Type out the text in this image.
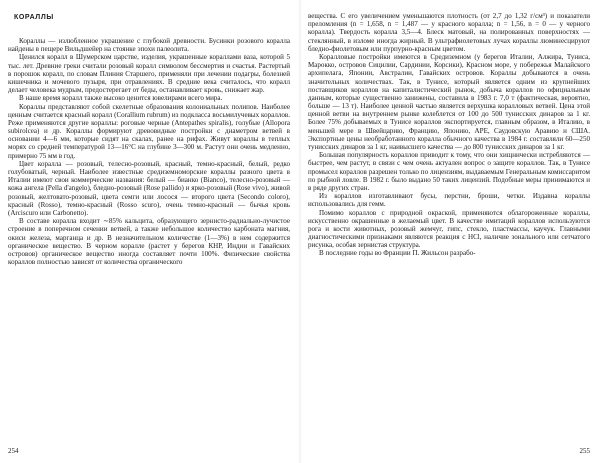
КОРАЛЛЫ

Кораллы — излюбленное украшение с глубокой древности. Бусинки розового коралла найдены в пещере Вильдшейер на стоянке эпохи палеолита.

Ценился коралл в Шумерском царстве, изделия, украшенные кораллами ваза, которой 5 тыс. лет. Древние греки считали розовый коралл символом бессмертия и счастья. Растертый в порошок коралл, по словам Плиния Старшего, применяли при лечении подагры, болезней кишечника и мочевого пузыря, при отравлениях. В средние века считалось, что коралл делает человека мудрым, предостерегает от беды, останавливает кровь, снижает жар.

В наше время коралл также высоко ценится ювелирами всего мира.

Кораллы представляют собой скелетные образования колониальных полипов. Наиболее ценным считается красный коралл (Corallium rubrum) из подкласса восьмилучевых кораллов. Реже применяются другие кораллы: роговые черные (Antepathes spiralis), голубые (Allopora subirolcea) и др. Кораллы формируют древовидные постройки с диаметром ветвей в основании 4—6 мм, которые сидят на скалах, ранее на рифах. Живут кораллы в теплых морях со средней температурой 13—16°С на глубине 3—300 м. Растут они очень медленно, примерно 75 мм в год.

Цвет коралла — розовый, телесно-розовый, красный, темно-красный, белый, редко голубоватый, черный. Наиболее известные средиземноморские кораллы разного цвета в Италии имеют свои коммерческие названия: белый — бианко (Bianco), телесно-розовый — кожа ангела (Pella d'angelo), бледно-розовый (Rose pallido) и ярко-розовый (Rose vivo), живой розовый, желтовато-розовый, цвета семги или лосося — второго цвета (Secondo coloro), красный (Rosso), темно-красный (Rosso scuro), очень темно-красный — бычья кровь (Arciscuro или Carbonetto).

В составе коралла входит ∼85% кальцита, образующего зернисто-радиально-лучистое строение в поперечном сечении ветвей, а также небольшое количество карбоната магния, окиси железа, марганца и др. В незначительном количестве (1—3%) в нем содержится органическое вещество. В черном коралле (растет у берегов КНР, Индии и Гавайских островов) органическое вещество иногда составляет почти 100%. Физические свойства кораллов полностью зависят от количества органического

254

вещества. С его увеличением уменьшаются плотность (от 2,7 до 1,32 г/см³) и показатели преломления (n = 1,658, n = 1,487 — у красного коралла; n = 1,56, n = 0 — у черного коралла). Твердость коралла 3,5—4. Блеск матовый, на полированных поверхностях — стеклянный, в изломе иногда жирный. В ультрафиолетовых лучах кораллы люминесцируют бледно-фиолетовым или пурпурно-красным цветом.

Коралловые постройки имеются в Средиземном (у берегов Италии, Алжира, Туниса, Марокко, островов Сицилии, Сардинии, Корсики), Красном море, у побережья Малайского архипелага, Японии, Австралии, Гавайских островов. Кораллы добываются в очень значительных количествах. Так, в Тунисе, который является одним из крупнейших поставщиков кораллов на капиталистический рынок, добыча кораллов по официальным данным, которые существенно занижены, составила в 1983 г. 7,0 т (фактическая, вероятно, больше — 13 т). Наиболее ценной частью является верхушка коралловых ветвей. Цена этой ценной ветви на внутреннем рынке колеблется от 100 до 500 тунисских динаров за 1 кг. Более 75% добываемых в Тунисе кораллов экспортируется, главным образом, в Италию, в меньшей мере в Швейцарию, Францию, Японию, АРЕ, Саудовскую Аравию и США. Экспортные цены необработанного коралла обычного качества в 1984 г. составляли 60—250 тунисских динаров за 1 кг, наивысшего качества — до 800 тунисских динаров за 1 кг.

Большая популярность кораллов приводит к тому, что они хищнически истребляются — быстрее, чем растут, в связи с чем очень актуален вопрос о защите кораллов. Так, в Тунисе промысел кораллов разрешен только по лицензиям, выдаваемым Генеральным комиссаритом по рыбной ловле. В 1982 г. было выдано 50 таких лицензий. Подобные меры принимаются и в ряде других стран.

Из кораллов изготавливают бусы, перстни, броши, четки. Издавна кораллы использовались для гемм.

Помимо кораллов с природной окраской, применяются облагороженные кораллы, искусственно окрашенные в желаемый цвет. В качестве имитаций кораллов используются рога и кости животных, розовый жемчуг, гипс, стекло, пластмассы, каучук. Главными диагностическими признаками являются реакция с HCl, наличие зонального или сетчатого рисунка, особая зернистая структура.

В последние годы во Франции П. Жильсон разрабо-

255
